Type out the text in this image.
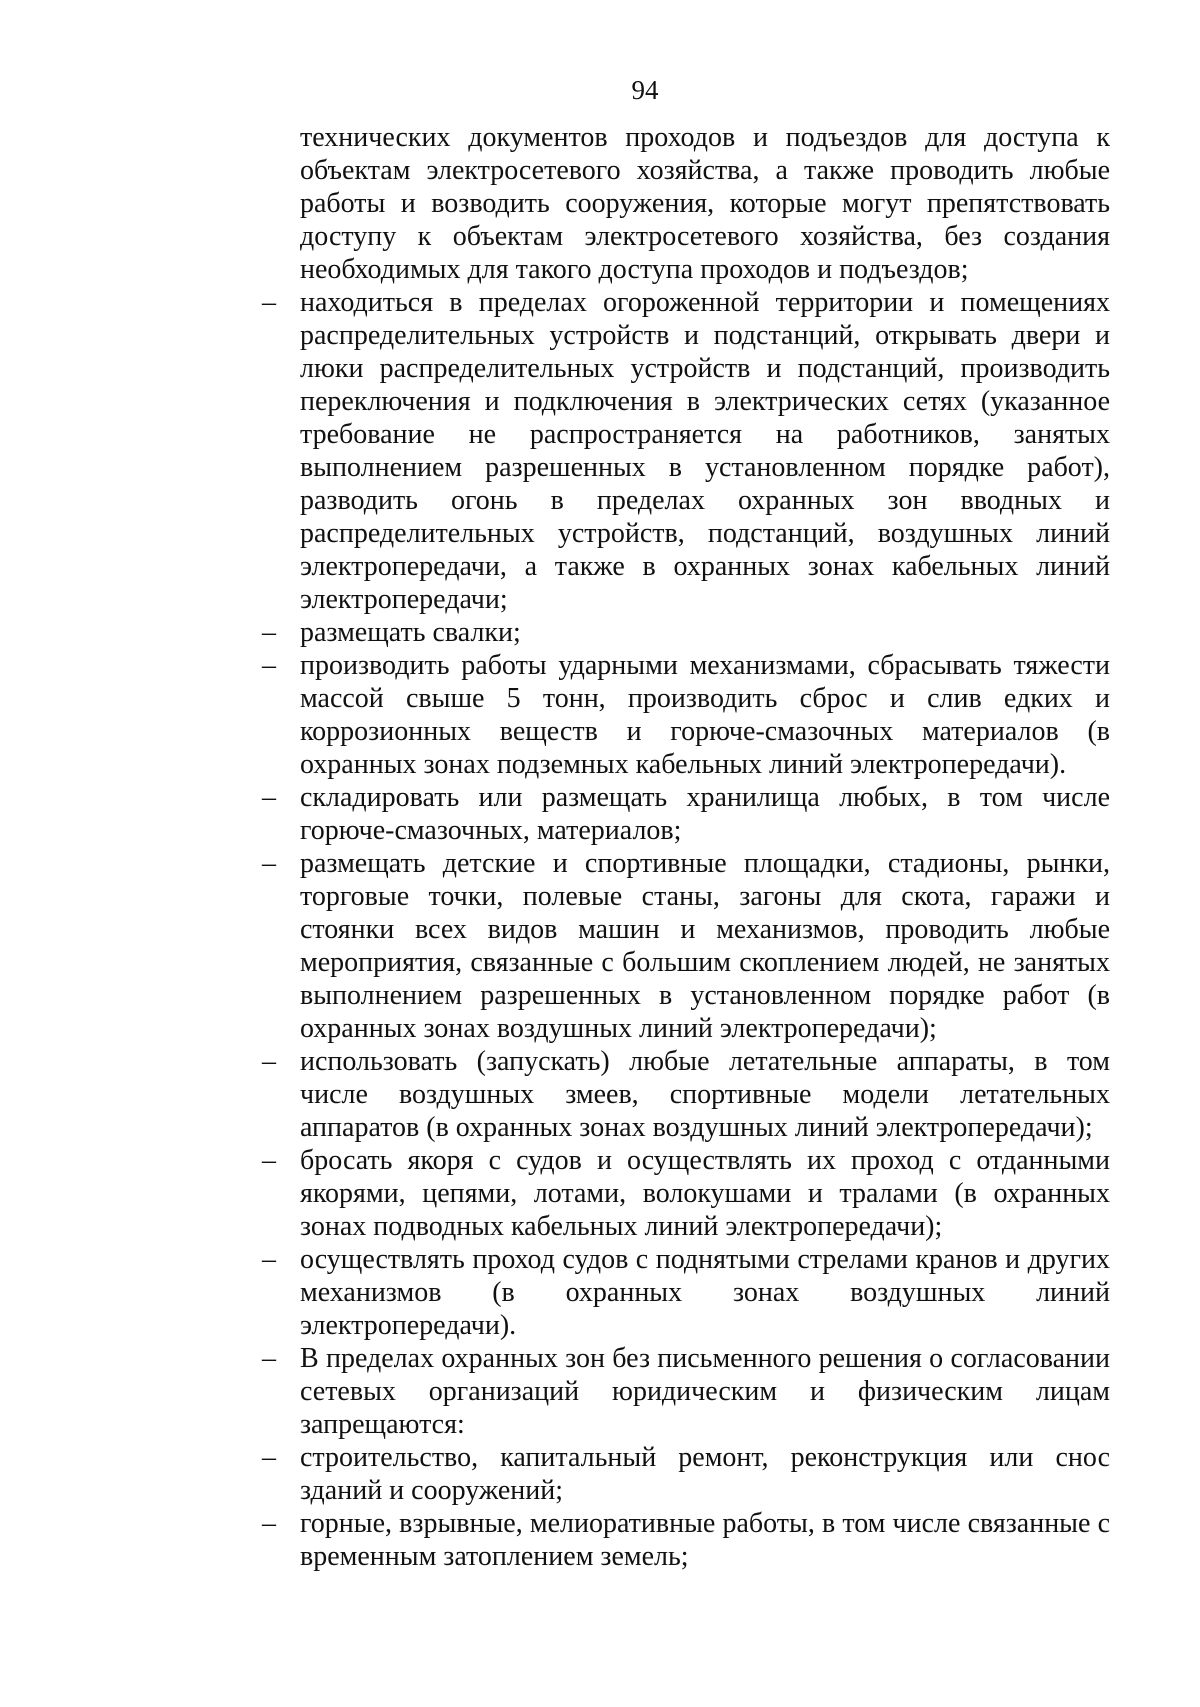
94

технических документов проходов и подъездов для доступа к объектам электросетевого хозяйства, а также проводить любые работы и возводить сооружения, которые могут препятствовать доступу к объектам электросетевого хозяйства, без создания необходимых для такого доступа проходов и подъездов;

– находиться в пределах огороженной территории и помещениях распределительных устройств и подстанций, открывать двери и люки распределительных устройств и подстанций, производить переключения и подключения в электрических сетях (указанное требование не распространяется на работников, занятых выполнением разрешенных в установленном порядке работ), разводить огонь в пределах охранных зон вводных и распределительных устройств, подстанций, воздушных линий электропередачи, а также в охранных зонах кабельных линий электропередачи;
– размещать свалки;
– производить работы ударными механизмами, сбрасывать тяжести массой свыше 5 тонн, производить сброс и слив едких и коррозионных веществ и горюче-смазочных материалов (в охранных зонах подземных кабельных линий электропередачи).
– складировать или размещать хранилища любых, в том числе горюче-смазочных, материалов;
– размещать детские и спортивные площадки, стадионы, рынки, торговые точки, полевые станы, загоны для скота, гаражи и стоянки всех видов машин и механизмов, проводить любые мероприятия, связанные с большим скоплением людей, не занятых выполнением разрешенных в установленном порядке работ (в охранных зонах воздушных линий электропередачи);
– использовать (запускать) любые летательные аппараты, в том числе воздушных змеев, спортивные модели летательных аппаратов (в охранных зонах воздушных линий электропередачи);
– бросать якоря с судов и осуществлять их проход с отданными якорями, цепями, лотами, волокушами и тралами (в охранных зонах подводных кабельных линий электропередачи);
– осуществлять проход судов с поднятыми стрелами кранов и других механизмов (в охранных зонах воздушных линий электропередачи).
– В пределах охранных зон без письменного решения о согласовании сетевых организаций юридическим и физическим лицам запрещаются:
– строительство, капитальный ремонт, реконструкция или снос зданий и сооружений;
– горные, взрывные, мелиоративные работы, в том числе связанные с временным затоплением земель;
